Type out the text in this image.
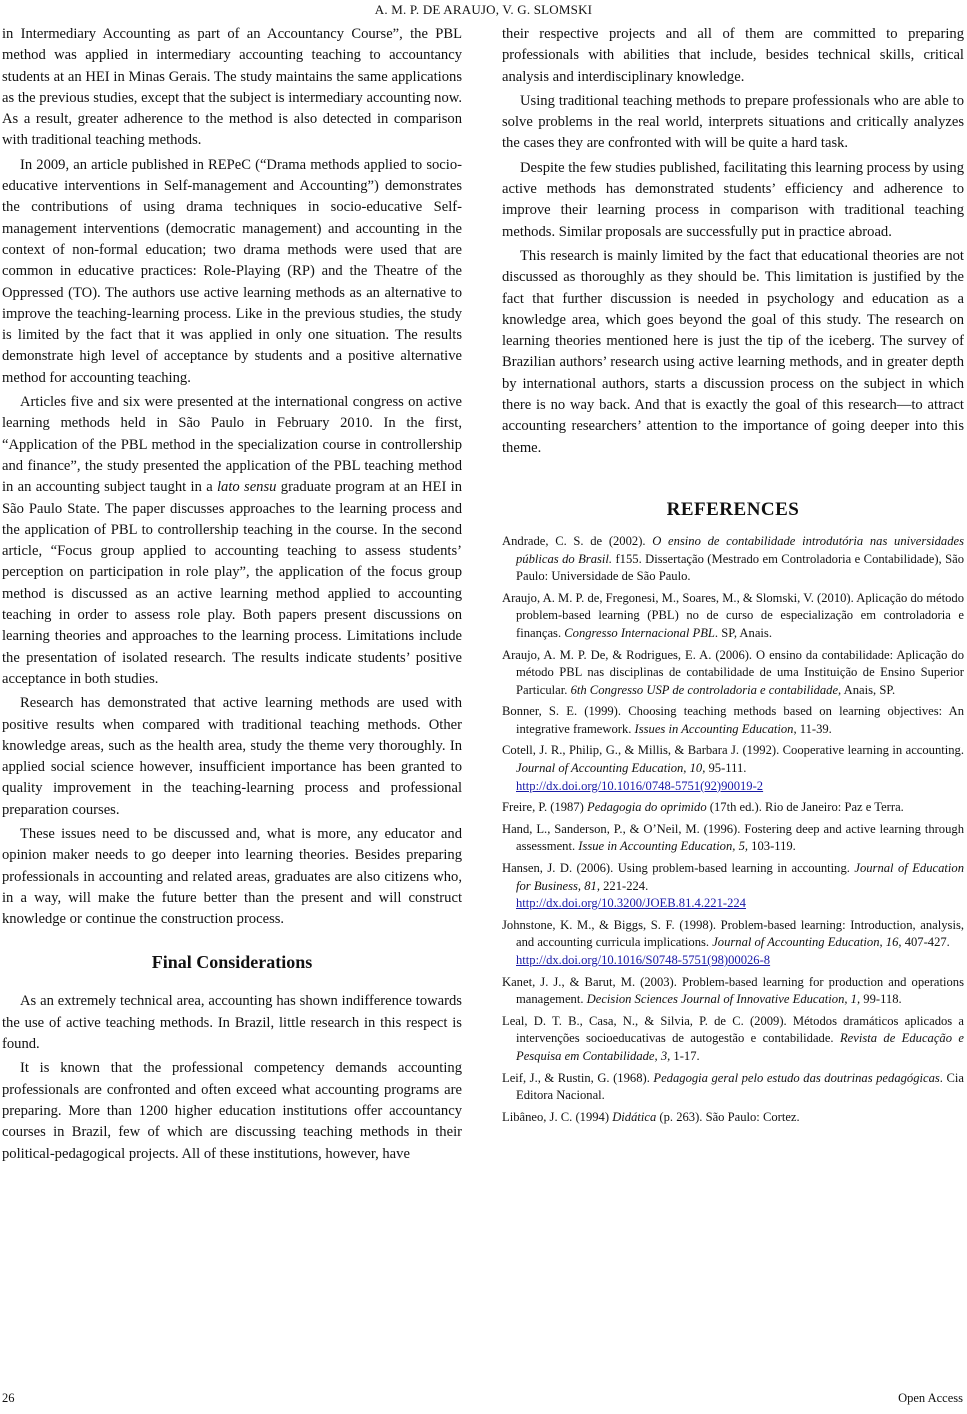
A. M. P. DE ARAUJO, V. G. SLOMSKI

in Intermediary Accounting as part of an Accountancy Course”, the PBL method was applied in intermediary accounting teaching to accountancy students at an HEI in Minas Gerais. The study maintains the same applications as the previous studies, except that the subject is intermediary accounting now. As a result, greater adherence to the method is also detected in comparison with traditional teaching methods.

In 2009, an article published in REPeC (“Drama methods applied to socio-educative interventions in Self-management and Accounting”) demonstrates the contributions of using drama techniques in socio-educative Self-management interventions (democratic management) and accounting in the context of non-formal education; two drama methods were used that are common in educative practices: Role-Playing (RP) and the Theatre of the Oppressed (TO). The authors use active learning methods as an alternative to improve the teaching-learning process. Like in the previous studies, the study is limited by the fact that it was applied in only one situation. The results demonstrate high level of acceptance by students and a positive alternative method for accounting teaching.

Articles five and six were presented at the international congress on active learning methods held in São Paulo in February 2010. In the first, “Application of the PBL method in the specialization course in controllership and finance”, the study presented the application of the PBL teaching method in an accounting subject taught in a lato sensu graduate program at an HEI in São Paulo State. The paper discusses approaches to the learning process and the application of PBL to controllership teaching in the course. In the second article, “Focus group applied to accounting teaching to assess students’ perception on participation in role play”, the application of the focus group method is discussed as an active learning method applied to accounting teaching in order to assess role play. Both papers present discussions on learning theories and approaches to the learning process. Limitations include the presentation of isolated research. The results indicate students’ positive acceptance in both studies.

Research has demonstrated that active learning methods are used with positive results when compared with traditional teaching methods. Other knowledge areas, such as the health area, study the theme very thoroughly. In applied social science however, insufficient importance has been granted to quality improvement in the teaching-learning process and professional preparation courses.

These issues need to be discussed and, what is more, any educator and opinion maker needs to go deeper into learning theories. Besides preparing professionals in accounting and related areas, graduates are also citizens who, in a way, will make the future better than the present and will construct knowledge or continue the construction process.

Final Considerations

As an extremely technical area, accounting has shown indifference towards the use of active teaching methods. In Brazil, little research in this respect is found.

It is known that the professional competency demands accounting professionals are confronted and often exceed what accounting programs are preparing. More than 1200 higher education institutions offer accountancy courses in Brazil, few of which are discussing teaching methods in their political-pedagogical projects. All of these institutions, however, have

their respective projects and all of them are committed to preparing professionals with abilities that include, besides technical skills, critical analysis and interdisciplinary knowledge.

Using traditional teaching methods to prepare professionals who are able to solve problems in the real world, interprets situations and critically analyzes the cases they are confronted with will be quite a hard task.

Despite the few studies published, facilitating this learning process by using active methods has demonstrated students’ efficiency and adherence to improve their learning process in comparison with traditional teaching methods. Similar proposals are successfully put in practice abroad.

This research is mainly limited by the fact that educational theories are not discussed as thoroughly as they should be. This limitation is justified by the fact that further discussion is needed in psychology and education as a knowledge area, which goes beyond the goal of this study. The research on learning theories mentioned here is just the tip of the iceberg. The survey of Brazilian authors’ research using active learning methods, and in greater depth by international authors, starts a discussion process on the subject in which there is no way back. And that is exactly the goal of this research—to attract accounting researchers’ attention to the importance of going deeper into this theme.

REFERENCES

Andrade, C. S. de (2002). O ensino de contabilidade introdutória nas universidades públicas do Brasil. f155. Dissertação (Mestrado em Controladoria e Contabilidade), São Paulo: Universidade de São Paulo.

Araujo, A. M. P. de, Fregonesi, M., Soares, M., & Slomski, V. (2010). Aplicação do método problem-based learning (PBL) no de curso de especialização em controladoria e finanças. Congresso Internacional PBL. SP, Anais.

Araujo, A. M. P. De, & Rodrigues, E. A. (2006). O ensino da contabilidade: Aplicação do método PBL nas disciplinas de contabilidade de uma Instituição de Ensino Superior Particular. 6th Congresso USP de controladoria e contabilidade, Anais, SP.

Bonner, S. E. (1999). Choosing teaching methods based on learning objectives: An integrative framework. Issues in Accounting Education, 11-39.

Cotell, J. R., Philip, G., & Millis, & Barbara J. (1992). Cooperative learning in accounting. Journal of Accounting Education, 10, 95-111.
http://dx.doi.org/10.1016/0748-5751(92)90019-2

Freire, P. (1987) Pedagogia do oprimido (17th ed.). Rio de Janeiro: Paz e Terra.

Hand, L., Sanderson, P., & O’Neil, M. (1996). Fostering deep and active learning through assessment. Issue in Accounting Education, 5, 103-119.

Hansen, J. D. (2006). Using problem-based learning in accounting. Journal of Education for Business, 81, 221-224.
http://dx.doi.org/10.3200/JOEB.81.4.221-224

Johnstone, K. M., & Biggs, S. F. (1998). Problem-based learning: Introduction, analysis, and accounting curricula implications. Journal of Accounting Education, 16, 407-427.
http://dx.doi.org/10.1016/S0748-5751(98)00026-8

Kanet, J. J., & Barut, M. (2003). Problem-based learning for production and operations management. Decision Sciences Journal of Innovative Education, 1, 99-118.

Leal, D. T. B., Casa, N., & Silvia, P. de C. (2009). Métodos dramáticos aplicados a intervenções socioeducativas de autogestão e contabilidade. Revista de Educação e Pesquisa em Contabilidade, 3, 1-17.

Leif, J., & Rustin, G. (1968). Pedagogia geral pelo estudo das doutrinas pedagógicas. Cia Editora Nacional.

Libâneo, J. C. (1994) Didática (p. 263). São Paulo: Cortez.

26	Open Access
